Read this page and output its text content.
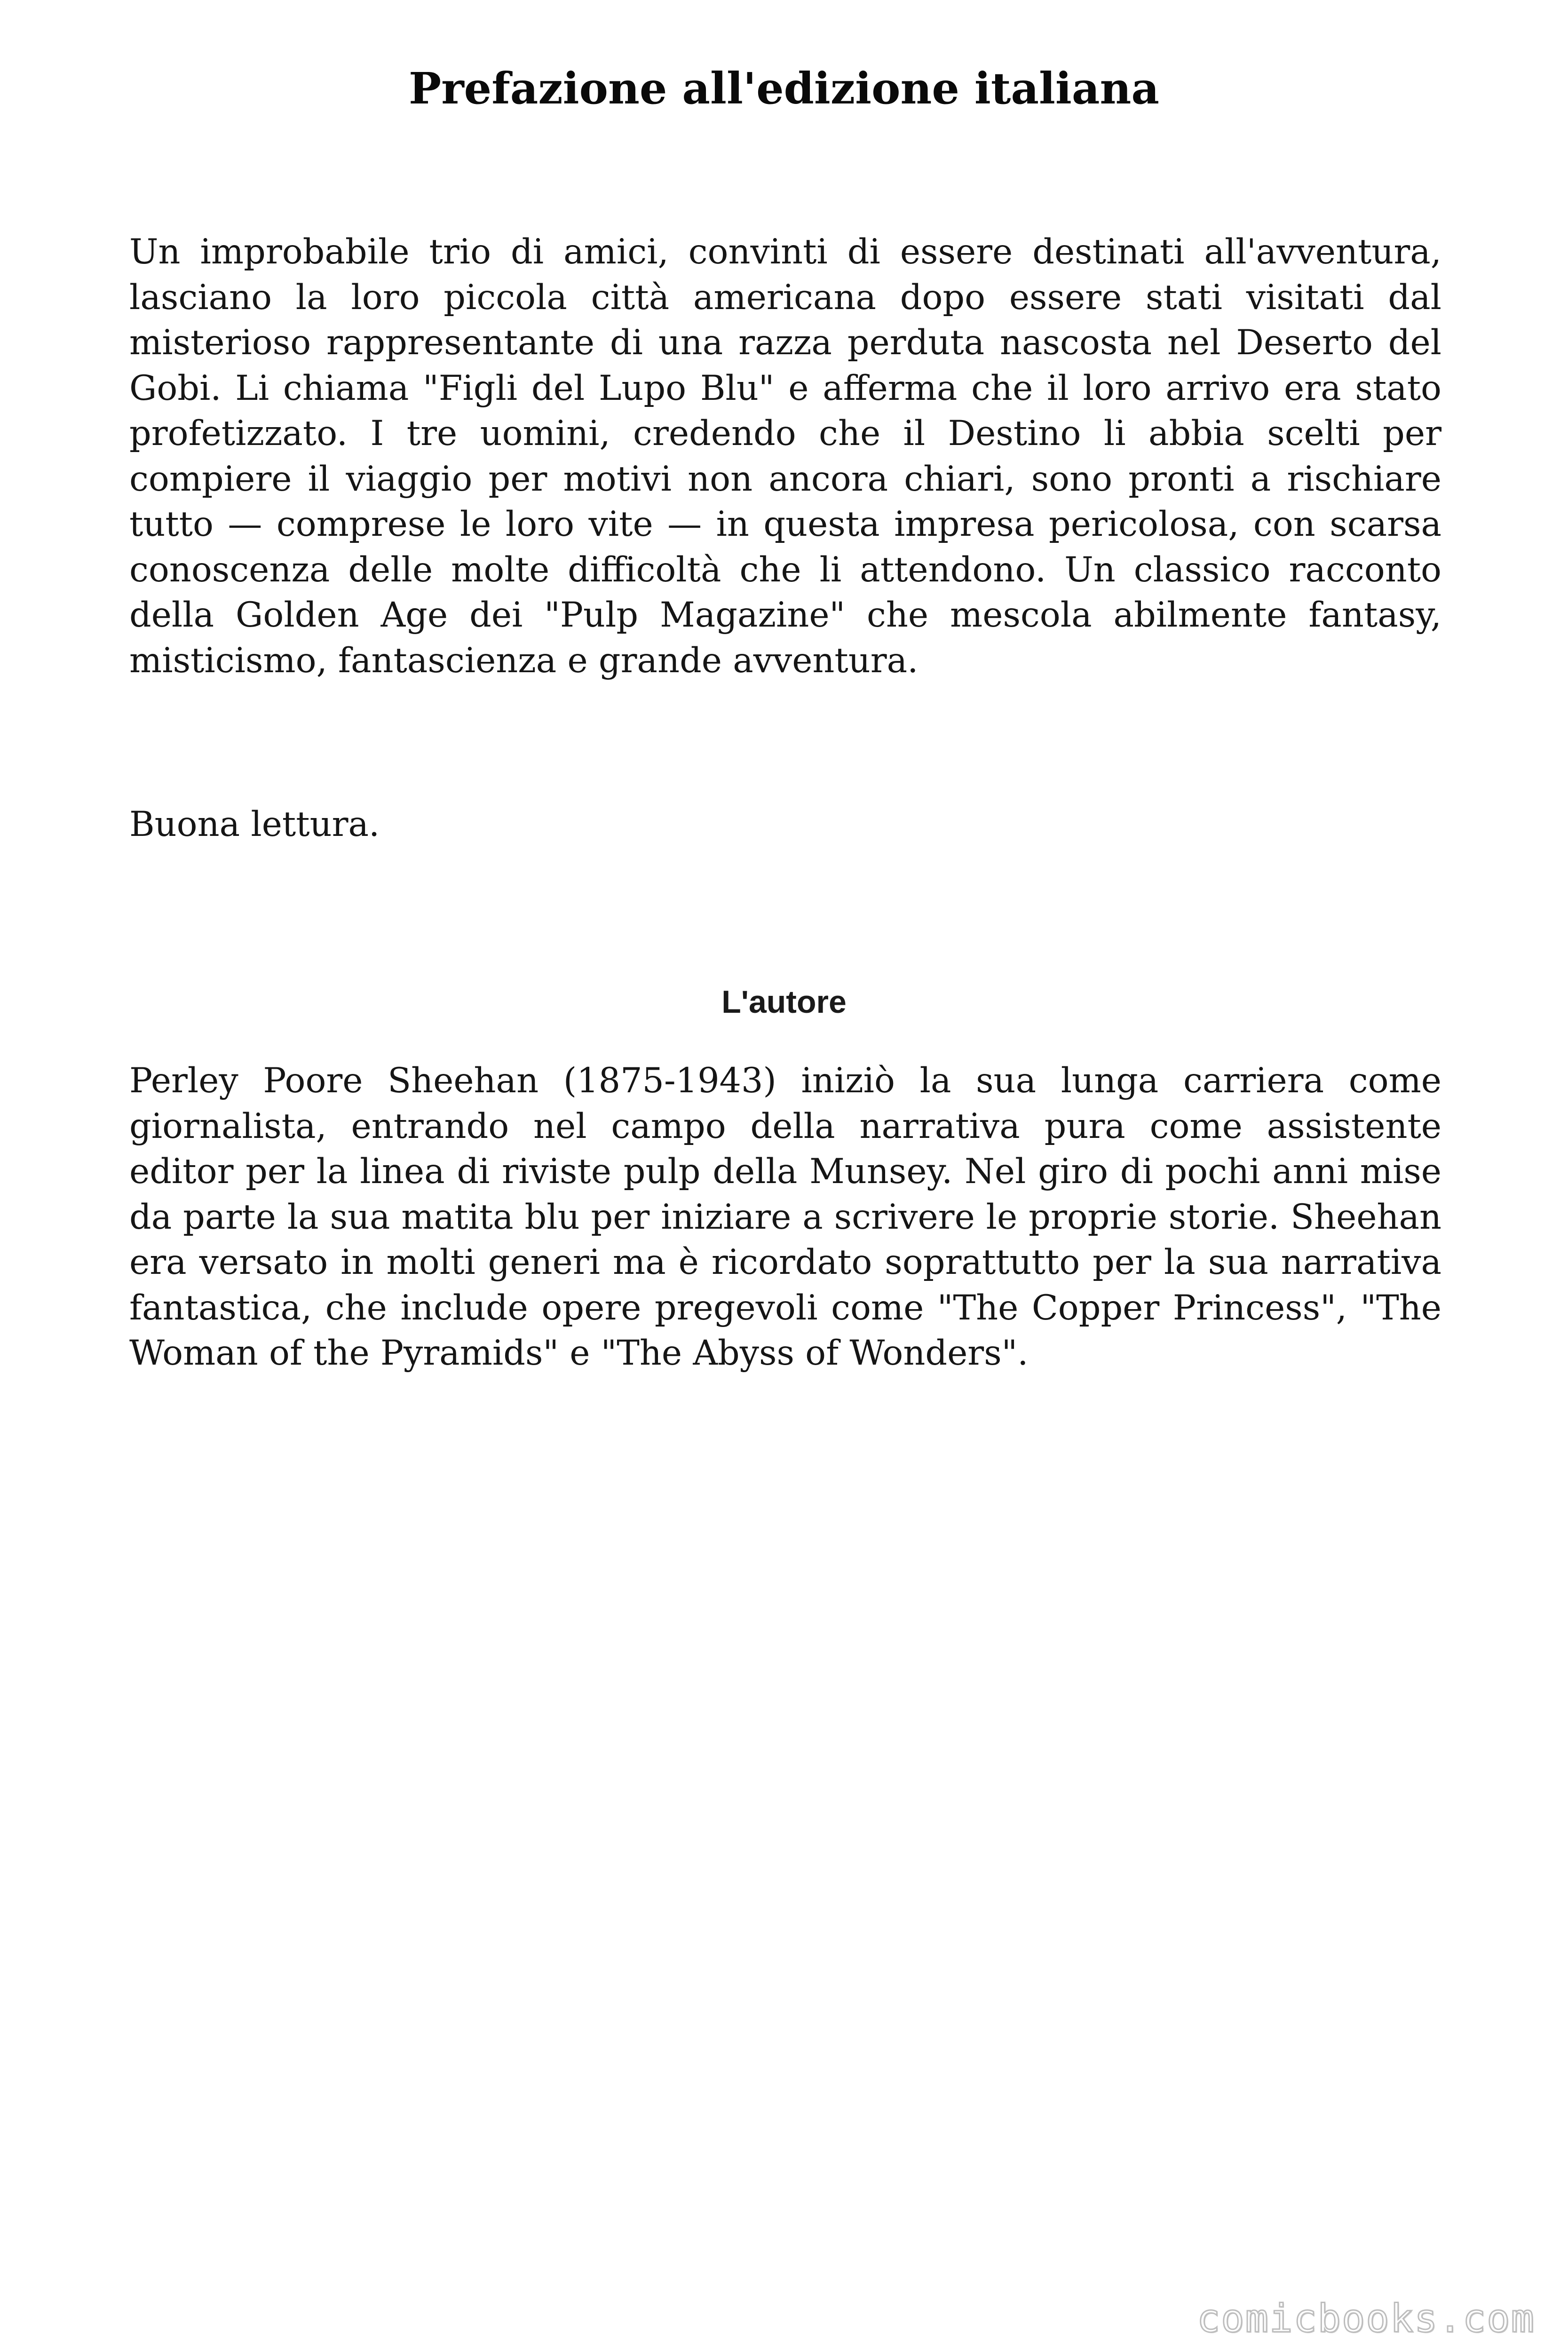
Prefazione all'edizione italiana

Un improbabile trio di amici, convinti di essere destinati all'avventura, lasciano la loro piccola città americana dopo essere stati visitati dal misterioso rappresentante di una razza perduta nascosta nel Deserto del Gobi. Li chiama "Figli del Lupo Blu" e afferma che il loro arrivo era stato profetizzato. I tre uomini, credendo che il Destino li abbia scelti per compiere il viaggio per motivi non ancora chiari, sono pronti a rischiare tutto — comprese le loro vite — in questa impresa pericolosa, con scarsa conoscenza delle molte difficoltà che li attendono. Un classico racconto della Golden Age dei "Pulp Magazine" che mescola abilmente fantasy, misticismo, fantascienza e grande avventura.

Buona lettura.

L'autore

Perley Poore Sheehan (1875-1943) iniziò la sua lunga carriera come giornalista, entrando nel campo della narrativa pura come assistente editor per la linea di riviste pulp della Munsey. Nel giro di pochi anni mise da parte la sua matita blu per iniziare a scrivere le proprie storie. Sheehan era versato in molti generi ma è ricordato soprattutto per la sua narrativa fantastica, che include opere pregevoli come "The Copper Princess", "The Woman of the Pyramids" e "The Abyss of Wonders".

comicbooks.com
